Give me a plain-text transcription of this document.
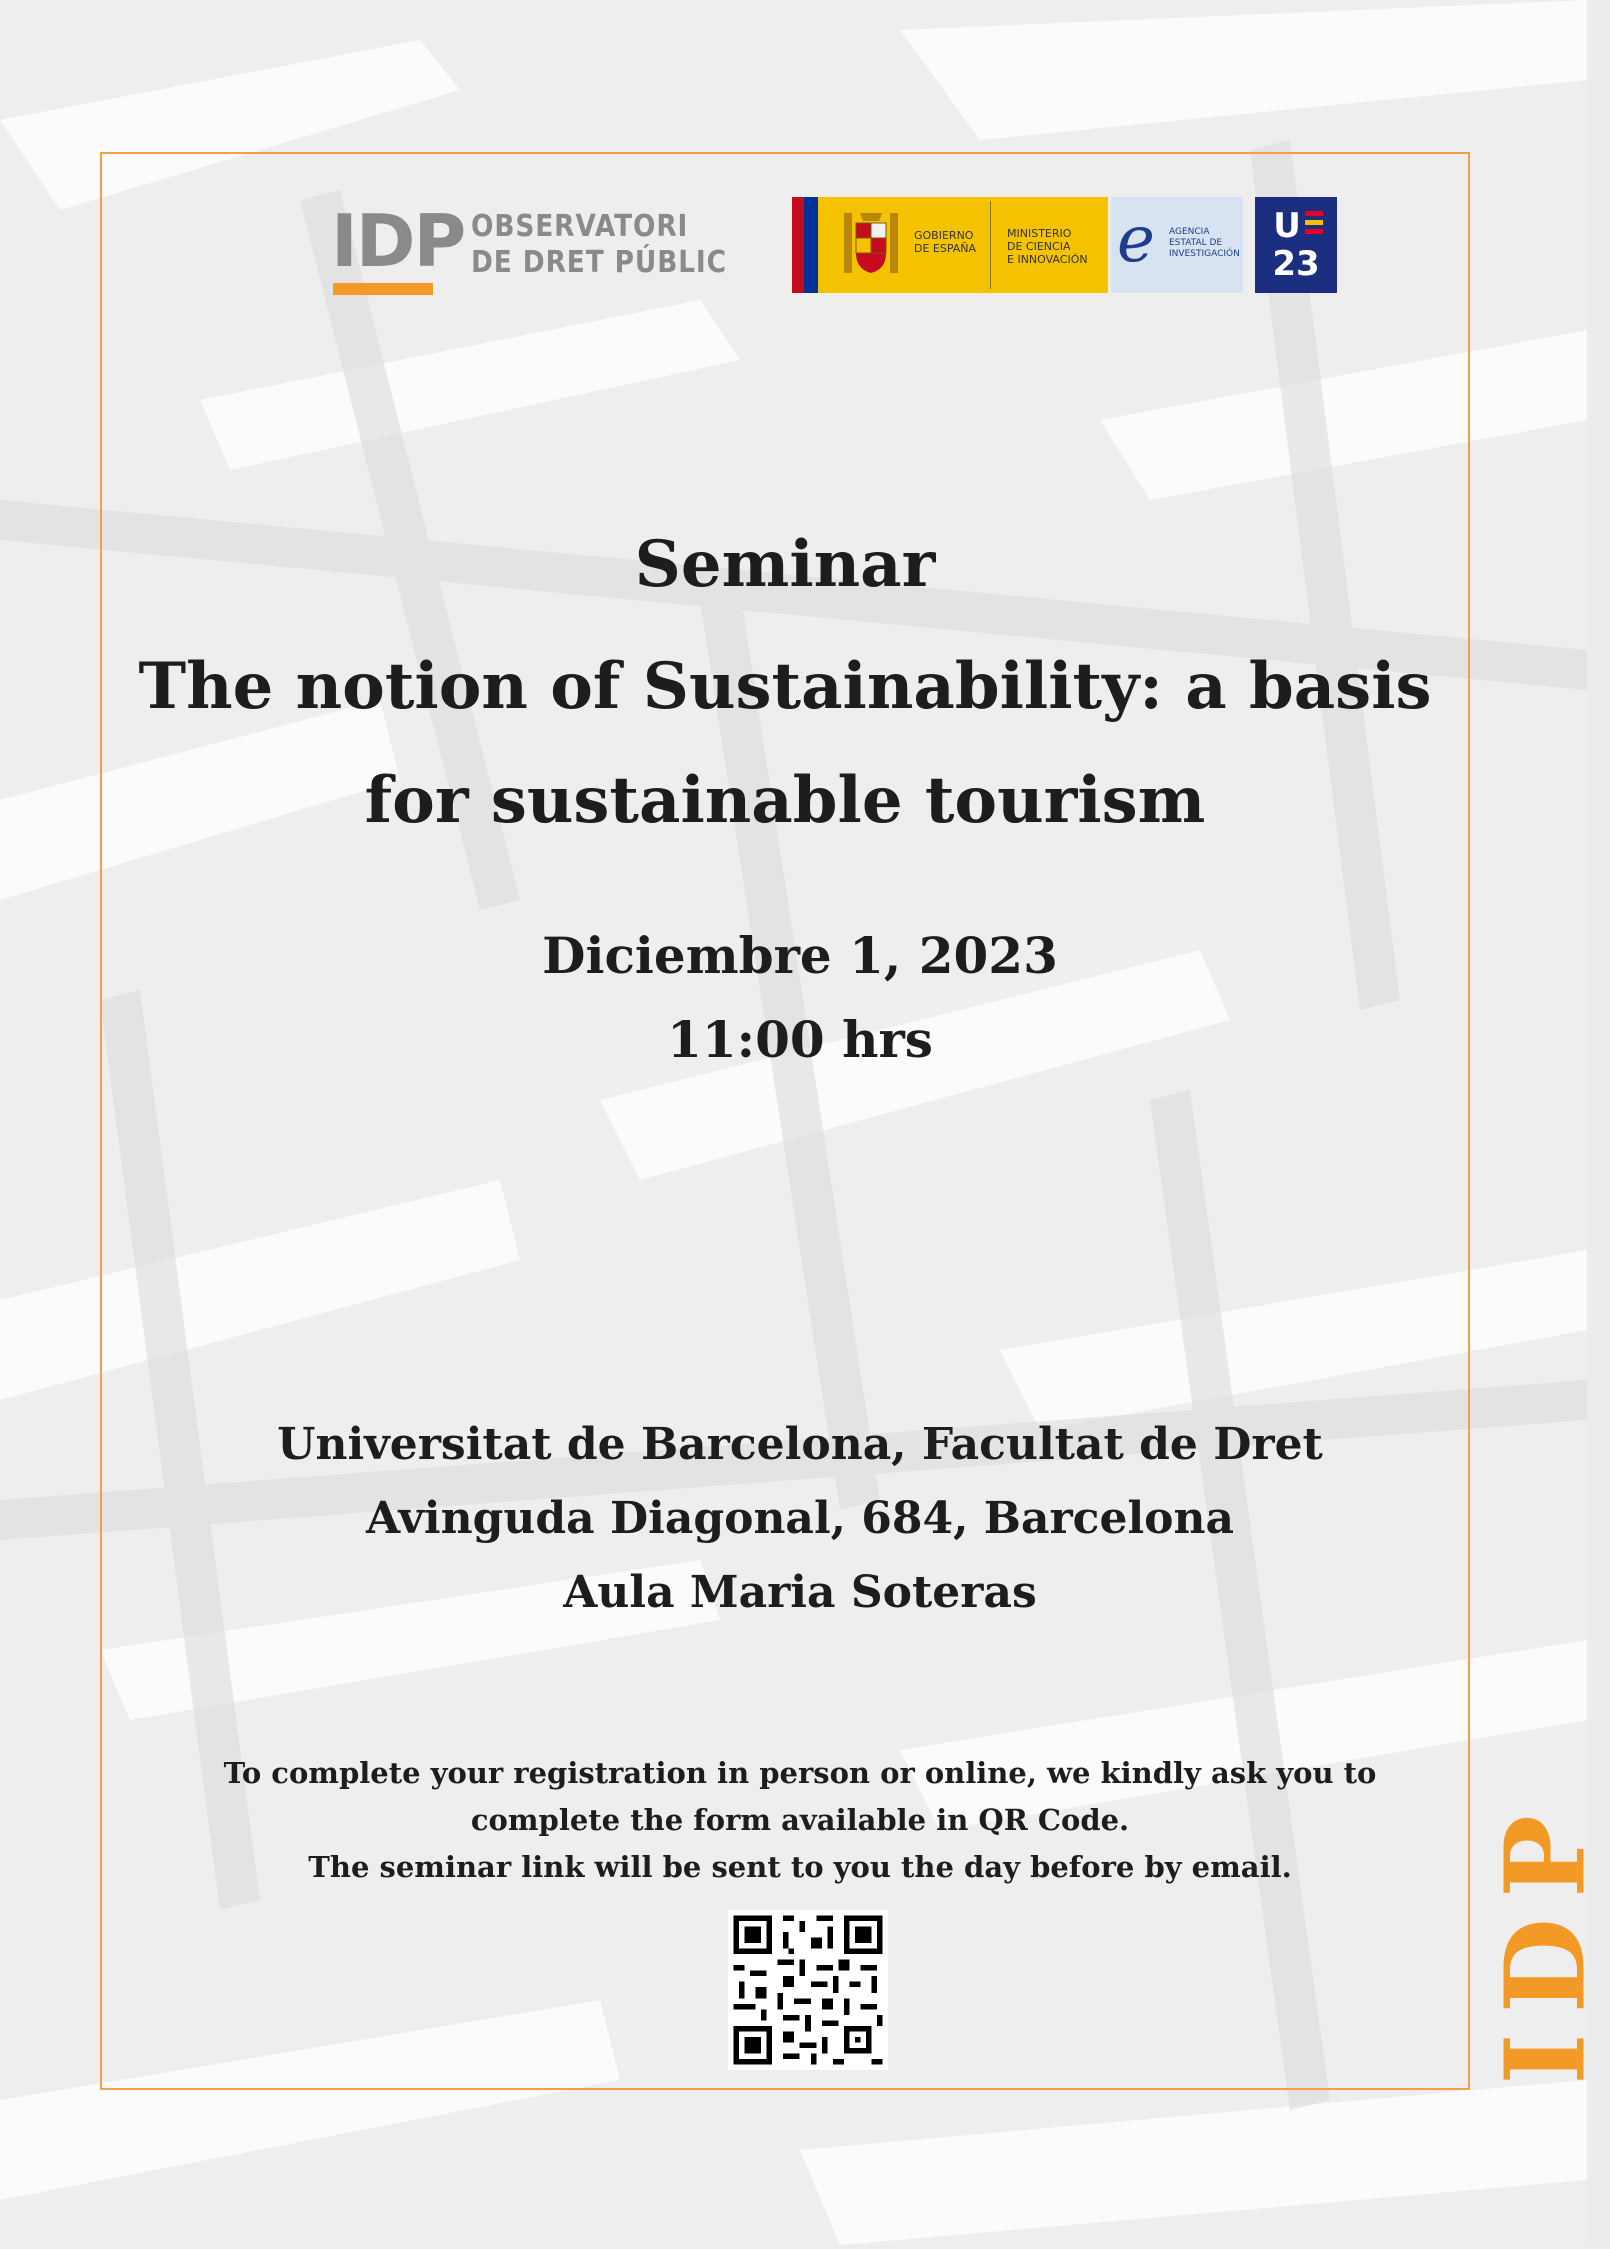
IDP OBSERVATORI
DE DRET PÚBLIC
GOBIERNO
DE ESPAÑA
MINISTERIO
DE CIENCIA
E INNOVACIÓN e AGENCIA
ESTATAL DE
INVESTIGACIÓN
U
23
Seminar
The notion of Sustainability: a basis
for sustainable tourism
Diciembre 1, 2023
11:00 hrs
Universitat de Barcelona, Facultat de Dret
Avinguda Diagonal, 684, Barcelona
Aula Maria Soteras
To complete your registration in person or online, we kindly ask you to
complete the form available in QR Code.
The seminar link will be sent to you the day before by email.	IDP
